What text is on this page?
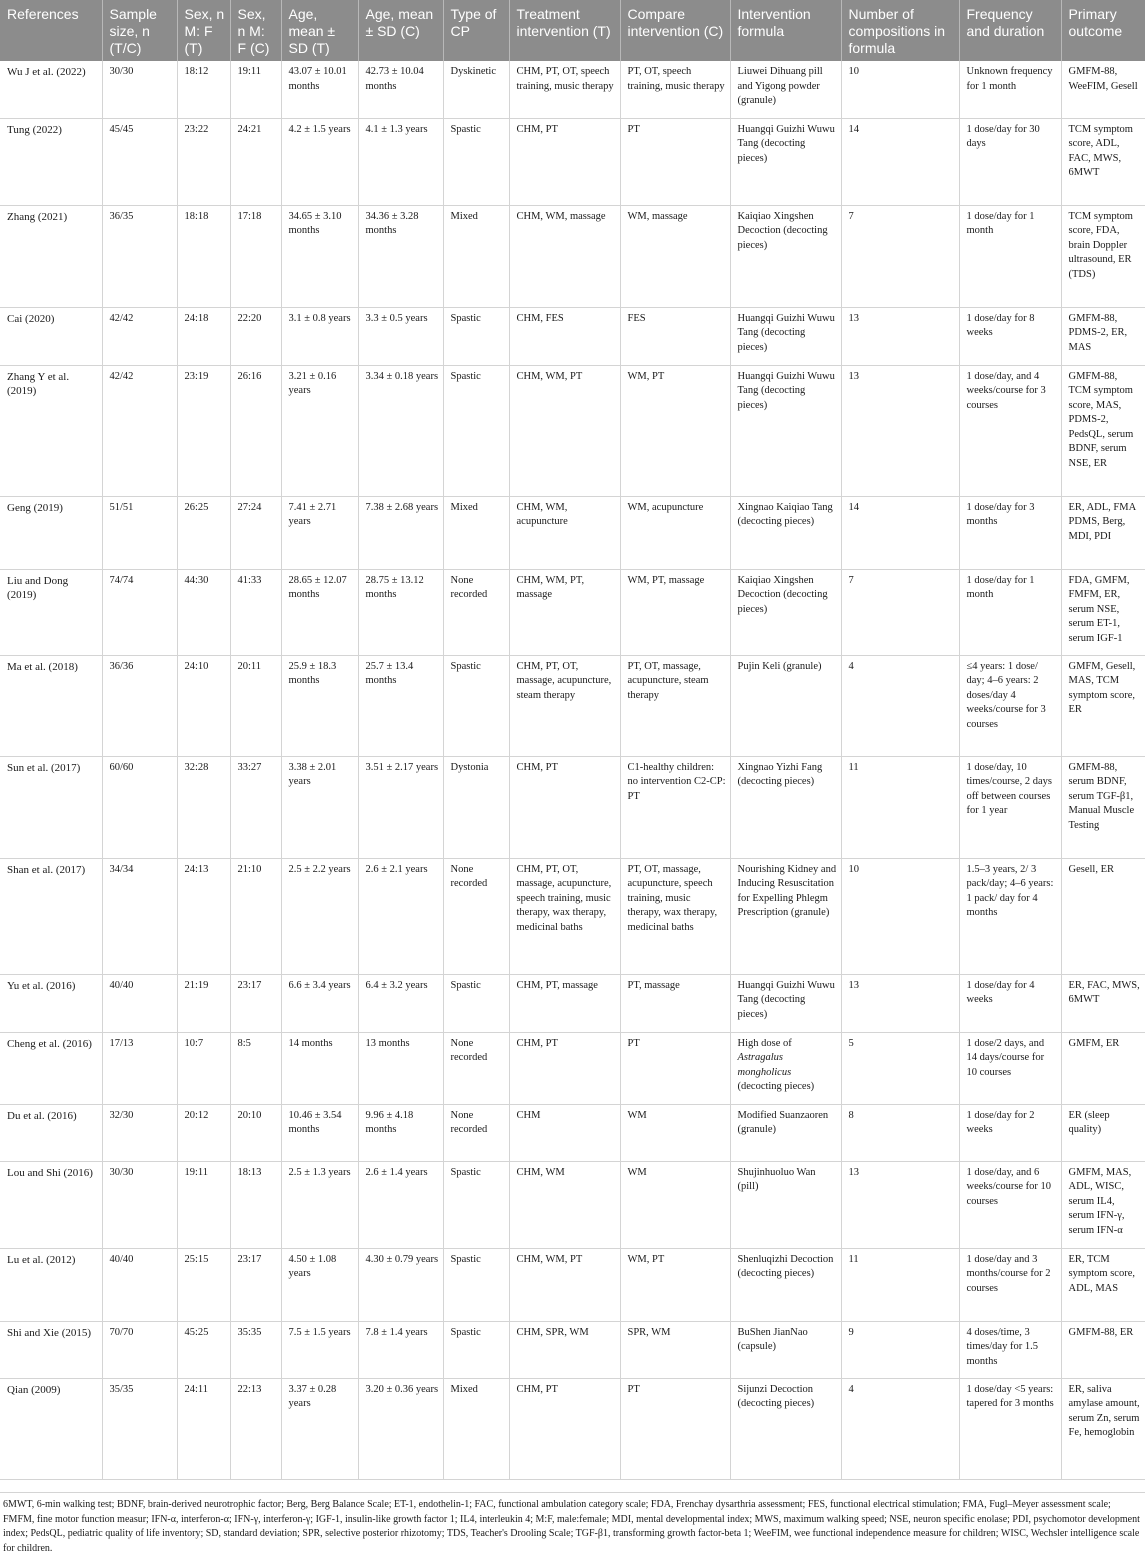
References	Sample size, n (T/C)	Sex, n M: F (T)	Sex, n M: F (C)	Age, mean ± SD (T)	Age, mean ± SD (C)	Type of CP	Treatment intervention (T)	Compare intervention (C)	Intervention formula	Number of compositions in formula	Frequency and duration	Primary outcome
Wu J et al. (2022)	30/30	18:12	19:11	43.07 ± 10.01 months	42.73 ± 10.04 months	Dyskinetic	CHM, PT, OT, speech training, music therapy	PT, OT, speech training, music therapy	Liuwei Dihuang pill and Yigong powder (granule)	10	Unknown frequency for 1 month	GMFM-88, WeeFIM, Gesell
Tung (2022)	45/45	23:22	24:21	4.2 ± 1.5 years	4.1 ± 1.3 years	Spastic	CHM, PT	PT	Huangqi Guizhi Wuwu Tang (decocting pieces)	14	1 dose/day for 30 days	TCM symptom score, ADL, FAC, MWS, 6MWT
Zhang (2021)	36/35	18:18	17:18	34.65 ± 3.10 months	34.36 ± 3.28 months	Mixed	CHM, WM, massage	WM, massage	Kaiqiao Xingshen Decoction (decocting pieces)	7	1 dose/day for 1 month	TCM symptom score, FDA, brain Doppler ultrasound, ER (TDS)
Cai (2020)	42/42	24:18	22:20	3.1 ± 0.8 years	3.3 ± 0.5 years	Spastic	CHM, FES	FES	Huangqi Guizhi Wuwu Tang (decocting pieces)	13	1 dose/day for 8 weeks	GMFM-88, PDMS-2, ER, MAS
Zhang Y et al. (2019)	42/42	23:19	26:16	3.21 ± 0.16 years	3.34 ± 0.18 years	Spastic	CHM, WM, PT	WM, PT	Huangqi Guizhi Wuwu Tang (decocting pieces)	13	1 dose/day, and 4 weeks/course for 3 courses	GMFM-88, TCM symptom score, MAS, PDMS-2, PedsQL, serum BDNF, serum NSE, ER
Geng (2019)	51/51	26:25	27:24	7.41 ± 2.71 years	7.38 ± 2.68 years	Mixed	CHM, WM, acupuncture	WM, acupuncture	Xingnao Kaiqiao Tang (decocting pieces)	14	1 dose/day for 3 months	ER, ADL, FMA PDMS, Berg, MDI, PDI
Liu and Dong (2019)	74/74	44:30	41:33	28.65 ± 12.07 months	28.75 ± 13.12 months	None recorded	CHM, WM, PT, massage	WM, PT, massage	Kaiqiao Xingshen Decoction (decocting pieces)	7	1 dose/day for 1 month	FDA, GMFM, FMFM, ER, serum NSE, serum ET-1, serum IGF-1
Ma et al. (2018)	36/36	24:10	20:11	25.9 ± 18.3 months	25.7 ± 13.4 months	Spastic	CHM, PT, OT, massage, acupuncture, steam therapy	PT, OT, massage, acupuncture, steam therapy	Pujin Keli (granule)	4	≤4 years: 1 dose/ day; 4–6 years: 2 doses/day 4 weeks/course for 3 courses	GMFM, Gesell, MAS, TCM symptom score, ER
Sun et al. (2017)	60/60	32:28	33:27	3.38 ± 2.01 years	3.51 ± 2.17 years	Dystonia	CHM, PT	C1-healthy children: no intervention C2-CP: PT	Xingnao Yizhi Fang (decocting pieces)	11	1 dose/day, 10 times/course, 2 days off between courses for 1 year	GMFM-88, serum BDNF, serum TGF-β1, Manual Muscle Testing
Shan et al. (2017)	34/34	24:13	21:10	2.5 ± 2.2 years	2.6 ± 2.1 years	None recorded	CHM, PT, OT, massage, acupuncture, speech training, music therapy, wax therapy, medicinal baths	PT, OT, massage, acupuncture, speech training, music therapy, wax therapy, medicinal baths	Nourishing Kidney and Inducing Resuscitation for Expelling Phlegm Prescription (granule)	10	1.5–3 years, 2/ 3 pack/day; 4–6 years: 1 pack/ day for 4 months	Gesell, ER
Yu et al. (2016)	40/40	21:19	23:17	6.6 ± 3.4 years	6.4 ± 3.2 years	Spastic	CHM, PT, massage	PT, massage	Huangqi Guizhi Wuwu Tang (decocting pieces)	13	1 dose/day for 4 weeks	ER, FAC, MWS, 6MWT
Cheng et al. (2016)	17/13	10:7	8:5	14 months	13 months	None recorded	CHM, PT	PT	High dose of Astragalus mongholicus (decocting pieces)	5	1 dose/2 days, and 14 days/course for 10 courses	GMFM, ER
Du et al. (2016)	32/30	20:12	20:10	10.46 ± 3.54 months	9.96 ± 4.18 months	None recorded	CHM	WM	Modified Suanzaoren (granule)	8	1 dose/day for 2 weeks	ER (sleep quality)
Lou and Shi (2016)	30/30	19:11	18:13	2.5 ± 1.3 years	2.6 ± 1.4 years	Spastic	CHM, WM	WM	Shujinhuoluo Wan (pill)	13	1 dose/day, and 6 weeks/course for 10 courses	GMFM, MAS, ADL, WISC, serum IL4, serum IFN-γ, serum IFN-α
Lu et al. (2012)	40/40	25:15	23:17	4.50 ± 1.08 years	4.30 ± 0.79 years	Spastic	CHM, WM, PT	WM, PT	Shenluqizhi Decoction (decocting pieces)	11	1 dose/day and 3 months/course for 2 courses	ER, TCM symptom score, ADL, MAS
Shi and Xie (2015)	70/70	45:25	35:35	7.5 ± 1.5 years	7.8 ± 1.4 years	Spastic	CHM, SPR, WM	SPR, WM	BuShen JianNao (capsule)	9	4 doses/time, 3 times/day for 1.5 months	GMFM-88, ER
Qian (2009)	35/35	24:11	22:13	3.37 ± 0.28 years	3.20 ± 0.36 years	Mixed	CHM, PT	PT	Sijunzi Decoction (decocting pieces)	4	1 dose/day <5 years: tapered for 3 months	ER, saliva amylase amount, serum Zn, serum Fe, hemoglobin
6MWT, 6-min walking test; BDNF, brain-derived neurotrophic factor; Berg, Berg Balance Scale; ET-1, endothelin-1; FAC, functional ambulation category scale; FDA, Frenchay dysarthria assessment; FES, functional electrical stimulation; FMA, Fugl–Meyer assessment scale; FMFM, fine motor function measur; IFN-α, interferon-α; IFN-γ, interferon-γ; IGF-1, insulin-like growth factor 1; IL4, interleukin 4; M:F, male:female; MDI, mental developmental index; MWS, maximum walking speed; NSE, neuron specific enolase; PDI, psychomotor development index; PedsQL, pediatric quality of life inventory; SD, standard deviation; SPR, selective posterior rhizotomy; TDS, Teacher's Drooling Scale; TGF-β1, transforming growth factor-beta 1; WeeFIM, wee functional independence measure for children; WISC, Wechsler intelligence scale for children.
